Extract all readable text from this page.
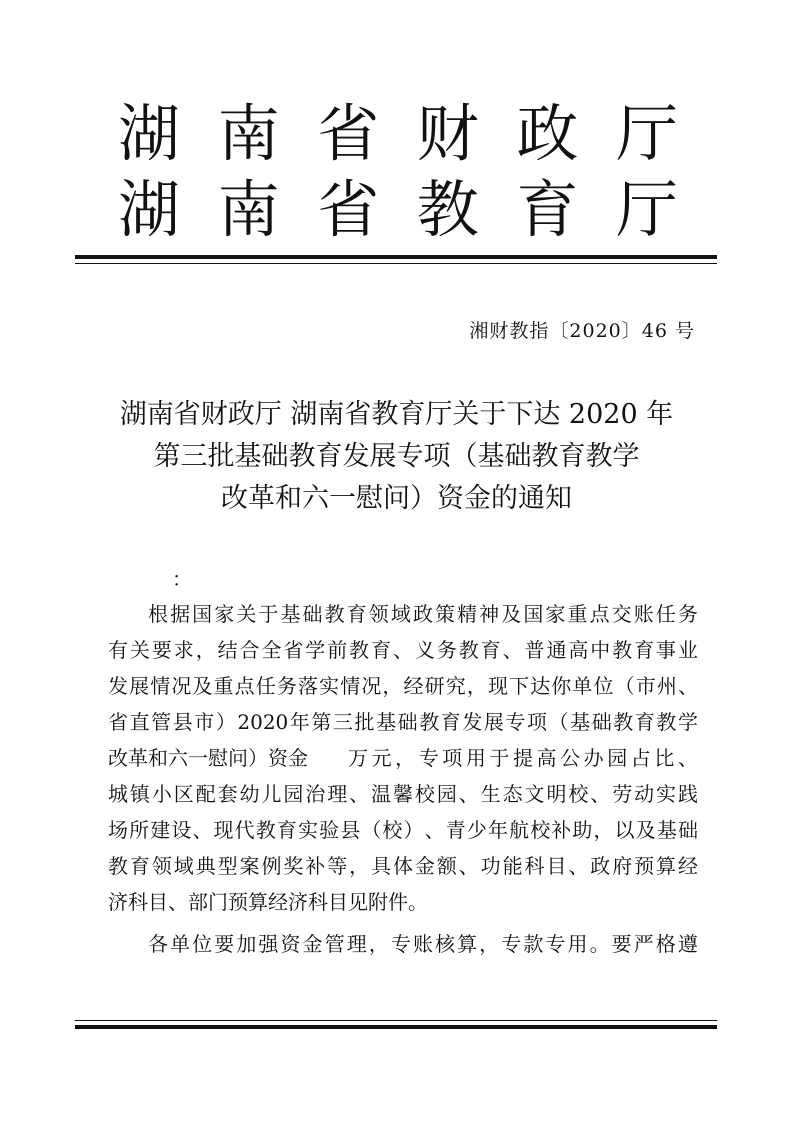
湖 南 省 财 政 厅
湖 南 省 教 育 厅
湘财教指〔2020〕46 号
湖南省财政厅 湖南省教育厅关于下达 2020 年
第三批基础教育发展专项（基础教育教学
改革和六一慰问）资金的通知
：
根 据 国 家 关 于 基 础 教 育 领 域 政 策 精 神 及 国 家 重 点 交 账 任 务
有 关 要 求 ， 结 合 全 省 学 前 教 育 、 义 务 教 育 、 普 通 高 中 教 育 事 业
发 展 情 况 及 重 点 任 务 落 实 情 况 ， 经 研 究 ， 现 下 达 你 单 位 （ 市 州 、
省 直 管 县 市 ） 2020 年 第 三 批 基 础 教 育 发 展 专 项 （ 基 础 教 育 教 学
改革和六一慰问）资金 万 元 ， 专 项 用 于 提 高 公 办 园 占 比 、
城 镇 小 区 配 套 幼 儿 园 治 理 、 温 馨 校 园 、 生 态 文 明 校 、 劳 动 实 践
场 所 建 设 、 现 代 教 育 实 验 县 （ 校 ） 、 青 少 年 航 校 补 助 ， 以 及 基 础
教 育 领 域 典 型 案 例 奖 补 等 ， 具 体 金 额 、 功 能 科 目 、 政 府 预 算 经
济科目、部门预算经济科目见附件。
各 单 位 要 加 强 资 金 管 理 ， 专 账 核 算 ， 专 款 专 用 。 要 严 格 遵
